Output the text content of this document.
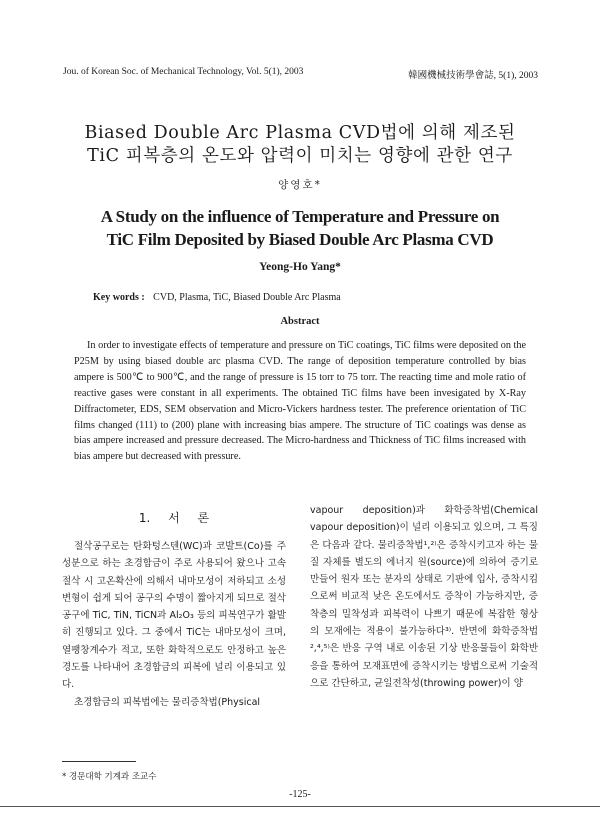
Jou. of Korean Soc. of Mechanical Technology, Vol. 5(1), 2003	韓國機械技術學會誌, 5(1), 2003
Biased Double Arc Plasma CVD법에 의해 제조된
TiC 피복층의 온도와 압력이 미치는 영향에 관한 연구
양영호*
A Study on the influence of Temperature and Pressure on
TiC Film Deposited by Biased Double Arc Plasma CVD
Yeong-Ho Yang*
Key words : CVD, Plasma, TiC, Biased Double Arc Plasma
Abstract

In order to investigate effects of temperature and pressure on TiC coatings, TiC films were deposited on the P25M by using biased double arc plasma CVD. The range of deposition temperature controlled by bias ampere is 500℃ to 900℃, and the range of pressure is 15 torr to 75 torr. The reacting time and mole ratio of reactive gases were constant in all experiments. The obtained TiC films have been invesigated by X-Ray Diffractometer, EDS, SEM observation and Micro-Vickers hardness tester. The preference orientation of TiC films changed (111) to (200) plane with increasing bias ampere. The structure of TiC coatings was dense as bias ampere increased and pressure decreased. The Micro-hardness and Thickness of TiC films increased with bias ampere but decreased with pressure.

1. 서 론

절삭공구로는 탄화텅스텐(WC)과 코발트(Co)를 주성분으로 하는 초경합금이 주로 사용되어 왔으나 고속절삭 시 고온확산에 의해서 내마모성이 저하되고 소성변형이 쉽게 되어 공구의 수명이 짧아지게 되므로 절삭공구에 TiC, TiN, TiCN과 Al₂O₃ 등의 피복연구가 활발히 진행되고 있다. 그 중에서 TiC는 내마모성이 크며, 열팽창계수가 적고, 또한 화학적으로도 안정하고 높은 경도를 나타내어 초경합금의 피복에 널리 이용되고 있다.

초경합금의 피복법에는 물리증착법(Physical

vapour deposition)과 화학증착법(Chemical vapour deposition)이 널리 이용되고 있으며, 그 특징은 다음과 같다. 물리증착법¹,²⁾은 증착시키고자 하는 물질 자체를 별도의 에너지 원(source)에 의하여 증기로 만들어 원자 또는 분자의 상태로 기판에 입사, 증착시킴으로써 비교적 낮은 온도에서도 증착이 가능하지만, 증착층의 밀착성과 피복력이 나쁘기 때문에 복잡한 형상의 모재에는 적용이 불가능하다³⁾. 반면에 화학증착법²,⁴,⁵⁾은 반응 구역 내로 이송된 기상 반응물들이 화학반응을 통하여 모재표면에 증착시키는 방법으로써 기술적으로 간단하고, 균일전착성(throwing power)이 양

* 경문대학 기계과 조교수
-125-
